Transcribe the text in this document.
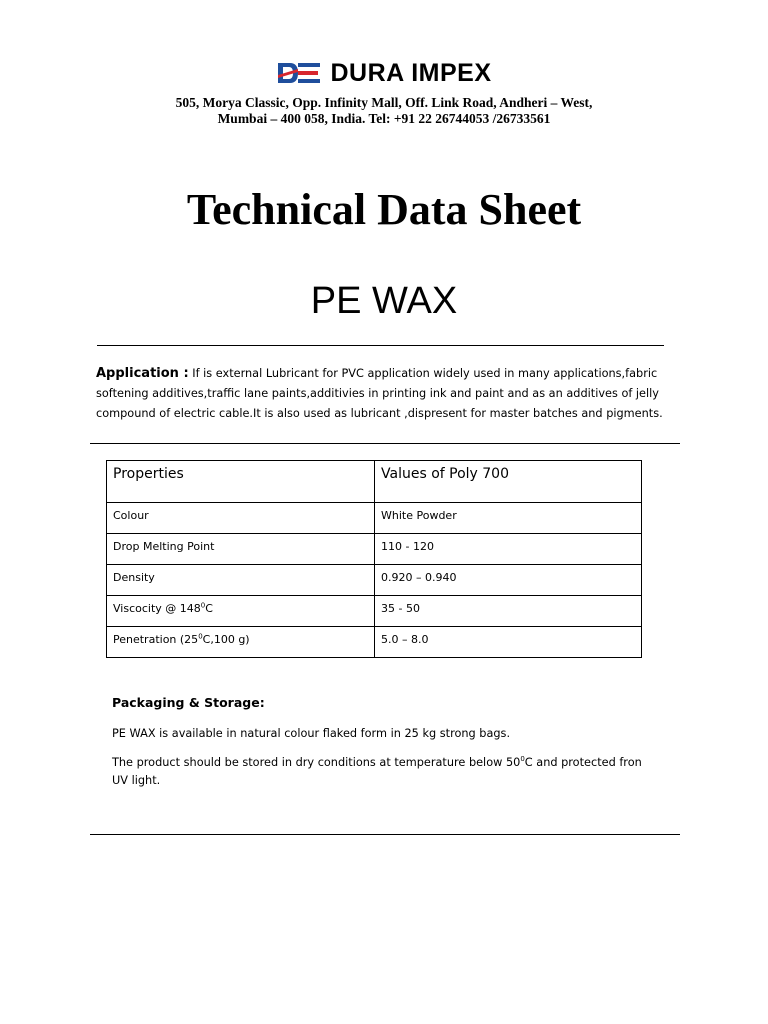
DURA IMPEX
505, Morya Classic, Opp. Infinity Mall, Off. Link Road, Andheri – West,
Mumbai – 400 058, India. Tel: +91 22 26744053 /26733561
Technical Data Sheet
PE WAX
Application : If is external Lubricant for PVC application widely used in many applications,fabric softening additives,traffic lane paints,additivies in printing ink and paint and as an additives of jelly compound of electric cable.It is also used as lubricant ,dispresent for master batches and pigments.
Properties	Values of Poly 700
Colour	White Powder
Drop Melting Point	110 - 120
Density	0.920 – 0.940
Viscocity @ $148^0C$	35 - 50
Penetration ($25^0C,100$ g)	5.0 – 8.0
Packaging & Storage:
PE WAX is available in natural colour flaked form in 25 kg strong bags.
The product should be stored in dry conditions at temperature below $50^0C$ and protected fron UV light.
